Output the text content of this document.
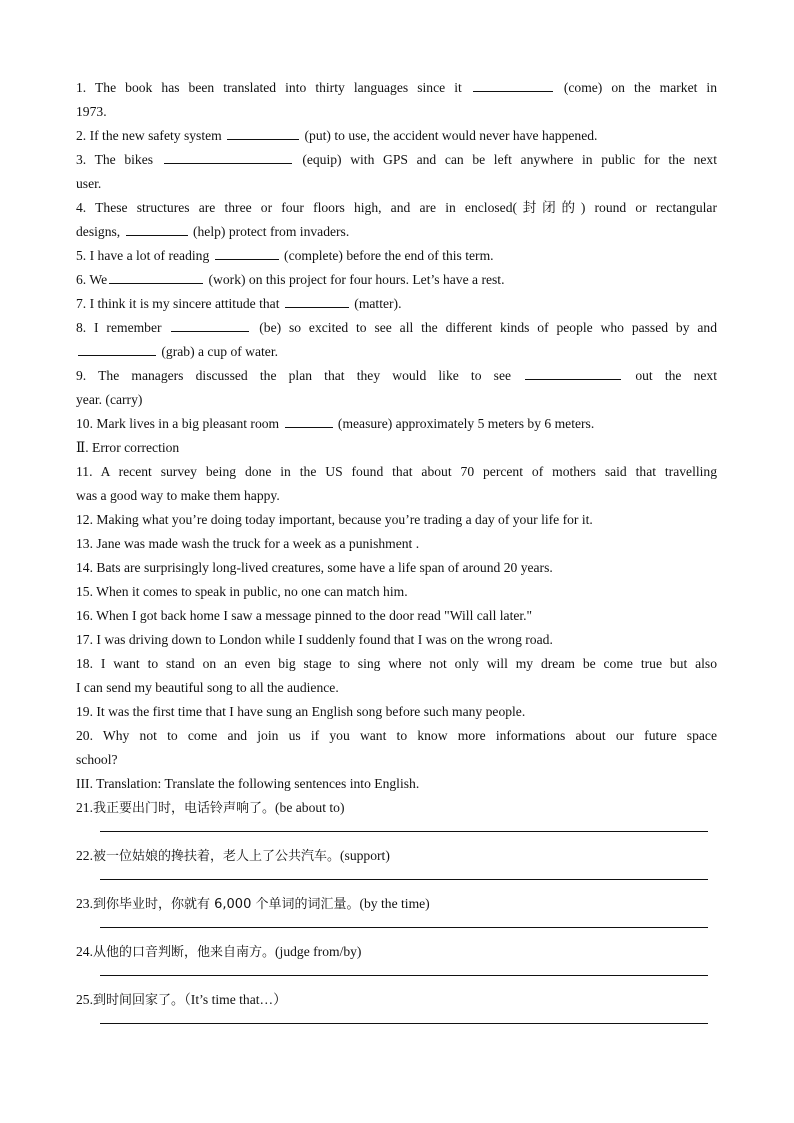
1. The book has been translated into thirty languages since it	(come) on the market in
1973.
2. If the new safety system	(put) to use, the accident would never have happened.
3. The bikes	(equip) with GPS and can be left anywhere in public for the next
user.
4. These structures are three or four floors high, and are in enclosed(封闭的) round or rectangular
designs,	(help) protect from invaders.
5. I have a lot of reading	(complete) before the end of this term.
6. We	(work) on this project for four hours. Let’s have a rest.
7. I think it is my sincere attitude that	(matter).
8. I remember	(be) so excited to see all the different kinds of people who passed by and
(grab) a cup of water.
9. The managers discussed the plan that they would like to see	out the next
year. (carry)
10. Mark lives in a big pleasant room	(measure) approximately 5 meters by 6 meters.
Ⅱ. Error correction
11. A recent survey being done in the US found that about 70 percent of mothers said that travelling
was a good way to make them happy.
12. Making what you’re doing today important, because you’re trading a day of your life for it.
13. Jane was made wash the truck for a week as a punishment .
14. Bats are surprisingly long-lived creatures, some have a life span of around 20 years.
15. When it comes to speak in public, no one can match him.
16. When I got back home I saw a message pinned to the door read "Will call later."
17. I was driving down to London while I suddenly found that I was on the wrong road.
18. I want to stand on an even big stage to sing where not only will my dream be come true but also
I can send my beautiful song to all the audience.
19. It was the first time that I have sung an English song before such many people.
20. Why not to come and join us if you want to know more informations about our future space
school?
III. Translation: Translate the following sentences into English.
21.我正要出门时，电话铃声响了。(be about to)
22.被一位姑娘的搀扶着，老人上了公共汽车。(support)
23.到你毕业时，你就有 6,000 个单词的词汇量。(by the time)
24.从他的口音判断，他来自南方。(judge from/by)
25.到时间回家了。（It’s time that…）
